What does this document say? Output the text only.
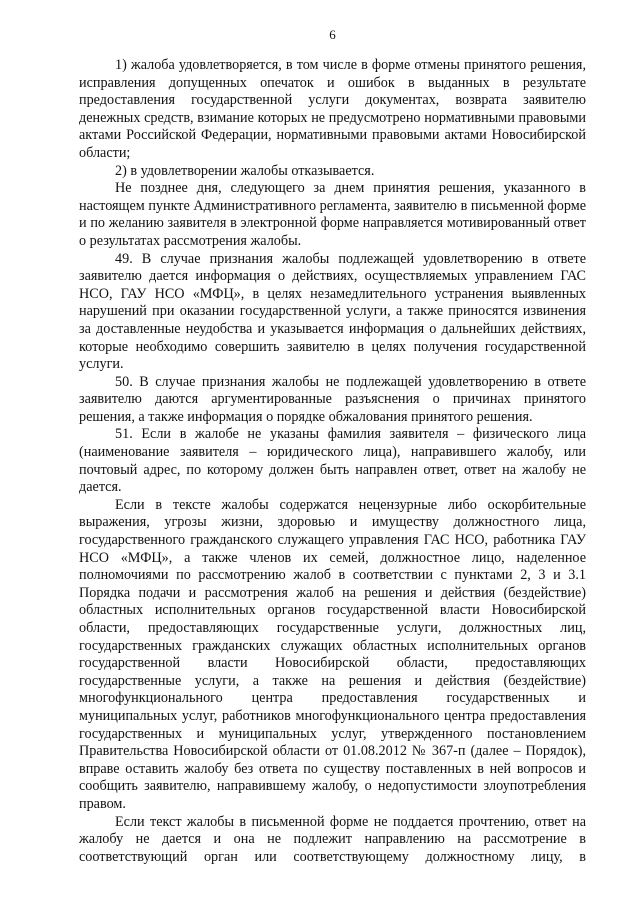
6

1) жалоба удовлетворяется, в том числе в форме отмены принятого решения, исправления допущенных опечаток и ошибок в выданных в результате предоставления государственной услуги документах, возврата заявителю денежных средств, взимание которых не предусмотрено нормативными правовыми актами Российской Федерации, нормативными правовыми актами Новосибирской области;

2) в удовлетворении жалобы отказывается.

Не позднее дня, следующего за днем принятия решения, указанного в настоящем пункте Административного регламента, заявителю в письменной форме и по желанию заявителя в электронной форме направляется мотивированный ответ о результатах рассмотрения жалобы.

49. В случае признания жалобы подлежащей удовлетворению в ответе заявителю дается информация о действиях, осуществляемых управлением ГАС НСО, ГАУ НСО «МФЦ», в целях незамедлительного устранения выявленных нарушений при оказании государственной услуги, а также приносятся извинения за доставленные неудобства и указывается информация о дальнейших действиях, которые необходимо совершить заявителю в целях получения государственной услуги.

50. В случае признания жалобы не подлежащей удовлетворению в ответе заявителю даются аргументированные разъяснения о причинах принятого решения, а также информация о порядке обжалования принятого решения.

51. Если в жалобе не указаны фамилия заявителя – физического лица (наименование заявителя – юридического лица), направившего жалобу, или почтовый адрес, по которому должен быть направлен ответ, ответ на жалобу не дается.

Если в тексте жалобы содержатся нецензурные либо оскорбительные выражения, угрозы жизни, здоровью и имуществу должностного лица, государственного гражданского служащего управления ГАС НСО, работника ГАУ НСО «МФЦ», а также членов их семей, должностное лицо, наделенное полномочиями по рассмотрению жалоб в соответствии с пунктами 2, 3 и 3.1 Порядка подачи и рассмотрения жалоб на решения и действия (бездействие) областных исполнительных органов государственной власти Новосибирской области, предоставляющих государственные услуги, должностных лиц, государственных гражданских служащих областных исполнительных органов государственной власти Новосибирской области, предоставляющих государственные услуги, а также на решения и действия (бездействие) многофункционального центра предоставления государственных и муниципальных услуг, работников многофункционального центра предоставления государственных и муниципальных услуг, утвержденного постановлением Правительства Новосибирской области от 01.08.2012 № 367-п (далее – Порядок), вправе оставить жалобу без ответа по существу поставленных в ней вопросов и сообщить заявителю, направившему жалобу, о недопустимости злоупотребления правом.

Если текст жалобы в письменной форме не поддается прочтению, ответ на жалобу не дается и она не подлежит направлению на рассмотрение в соответствующий орган или соответствующему должностному лицу, в
